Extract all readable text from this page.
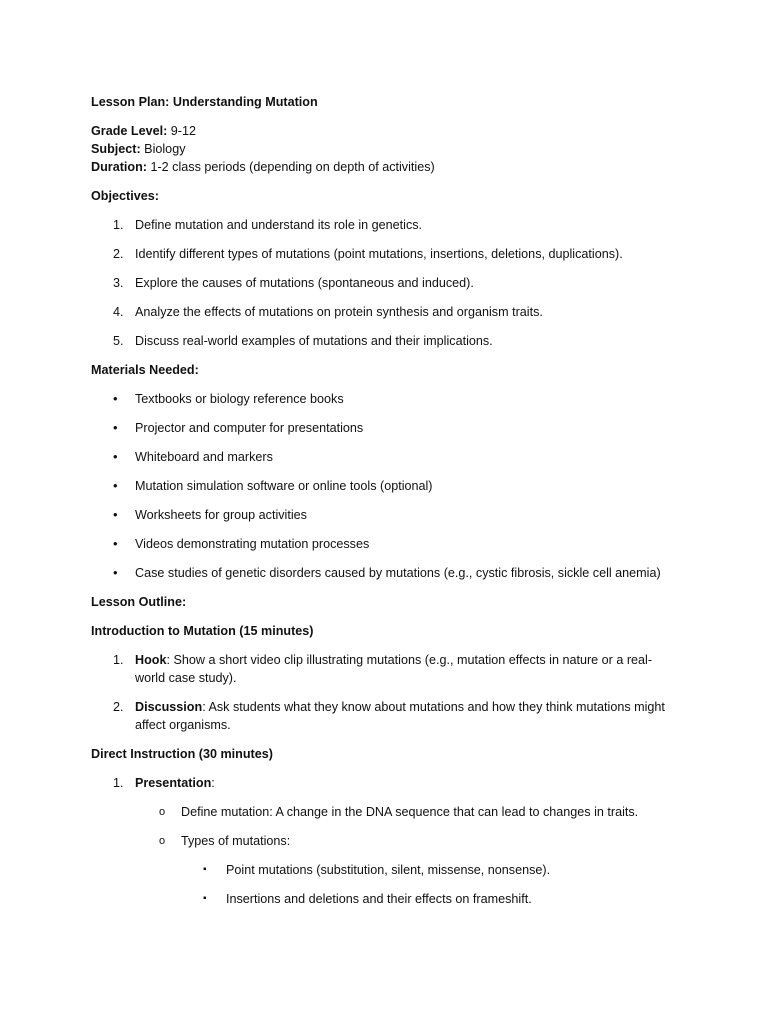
Lesson Plan: Understanding Mutation

Grade Level: 9-12

Subject: Biology

Duration: 1-2 class periods (depending on depth of activities)

Objectives:

1. Define mutation and understand its role in genetics.
2. Identify different types of mutations (point mutations, insertions, deletions, duplications).
3. Explore the causes of mutations (spontaneous and induced).
4. Analyze the effects of mutations on protein synthesis and organism traits.
5. Discuss real-world examples of mutations and their implications.

Materials Needed:

•	Textbooks or biology reference books
•	Projector and computer for presentations
•	Whiteboard and markers
•	Mutation simulation software or online tools (optional)
•	Worksheets for group activities
•	Videos demonstrating mutation processes
•	Case studies of genetic disorders caused by mutations (e.g., cystic fibrosis, sickle cell anemia)

Lesson Outline:

Introduction to Mutation (15 minutes)

1. Hook: Show a short video clip illustrating mutations (e.g., mutation effects in nature or a real-world case study).
2. Discussion: Ask students what they know about mutations and how they think mutations might affect organisms.

Direct Instruction (30 minutes)

1. Presentation:
o	Define mutation: A change in the DNA sequence that can lead to changes in traits.
o	Types of mutations:
▪	Point mutations (substitution, silent, missense, nonsense).
▪	Insertions and deletions and their effects on frameshift.
